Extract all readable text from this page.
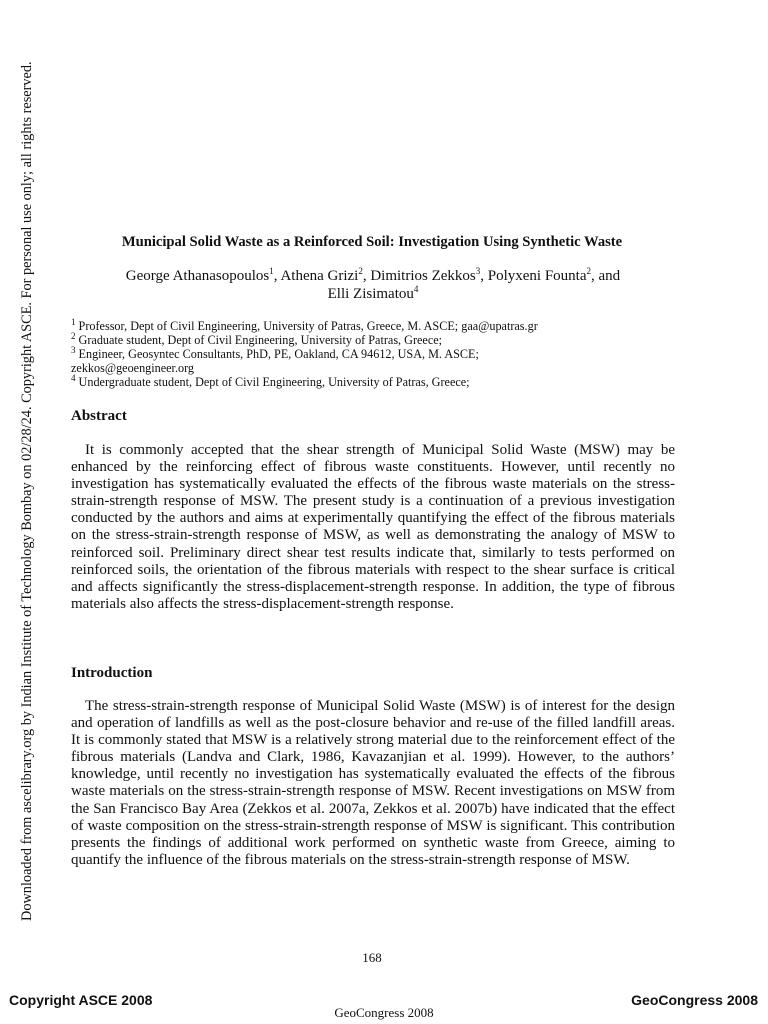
Downloaded from ascelibrary.org by Indian Institute of Technology Bombay on 02/28/24. Copyright ASCE. For personal use only; all rights reserved.	Municipal Solid Waste as a Reinforced Soil: Investigation Using Synthetic Waste
George Athanasopoulos$^1$, Athena Grizi$^2$, Dimitrios Zekkos$^3$, Polyxeni Founta$^2$, and
Elli Zisimatou$^4$
$^1$ Professor, Dept of Civil Engineering, University of Patras, Greece, M. ASCE; gaa@upatras.gr
$^2$ Graduate student, Dept of Civil Engineering, University of Patras, Greece;
$^3$ Engineer, Geosyntec Consultants, PhD, PE, Oakland, CA 94612, USA, M. ASCE;
zekkos@geoengineer.org
$^4$ Undergraduate student, Dept of Civil Engineering, University of Patras, Greece;
Abstract

It is commonly accepted that the shear strength of Municipal Solid Waste (MSW) may be enhanced by the reinforcing effect of fibrous waste constituents. However, until recently no investigation has systematically evaluated the effects of the fibrous waste materials on the stress-strain-strength response of MSW. The present study is a continuation of a previous investigation conducted by the authors and aims at experimentally quantifying the effect of the fibrous materials on the stress-strain-strength response of MSW, as well as demonstrating the analogy of MSW to reinforced soil. Preliminary direct shear test results indicate that, similarly to tests performed on reinforced soils, the orientation of the fibrous materials with respect to the shear surface is critical and affects significantly the stress-displacement-strength response. In addition, the type of fibrous materials also affects the stress-displacement-strength response.

Introduction

The stress-strain-strength response of Municipal Solid Waste (MSW) is of interest for the design and operation of landfills as well as the post-closure behavior and re-use of the filled landfill areas. It is commonly stated that MSW is a relatively strong material due to the reinforcement effect of the fibrous materials (Landva and Clark, 1986, Kavazanjian et al. 1999). However, to the authors’ knowledge, until recently no investigation has systematically evaluated the effects of the fibrous waste materials on the stress-strain-strength response of MSW. Recent investigations on MSW from the San Francisco Bay Area (Zekkos et al. 2007a, Zekkos et al. 2007b) have indicated that the effect of waste composition on the stress-strain-strength response of MSW is significant. This contribution presents the findings of additional work performed on synthetic waste from Greece, aiming to quantify the influence of the fibrous materials on the stress-strain-strength response of MSW.

168
Copyright ASCE 2008	GeoCongress 2008
GeoCongress 2008
